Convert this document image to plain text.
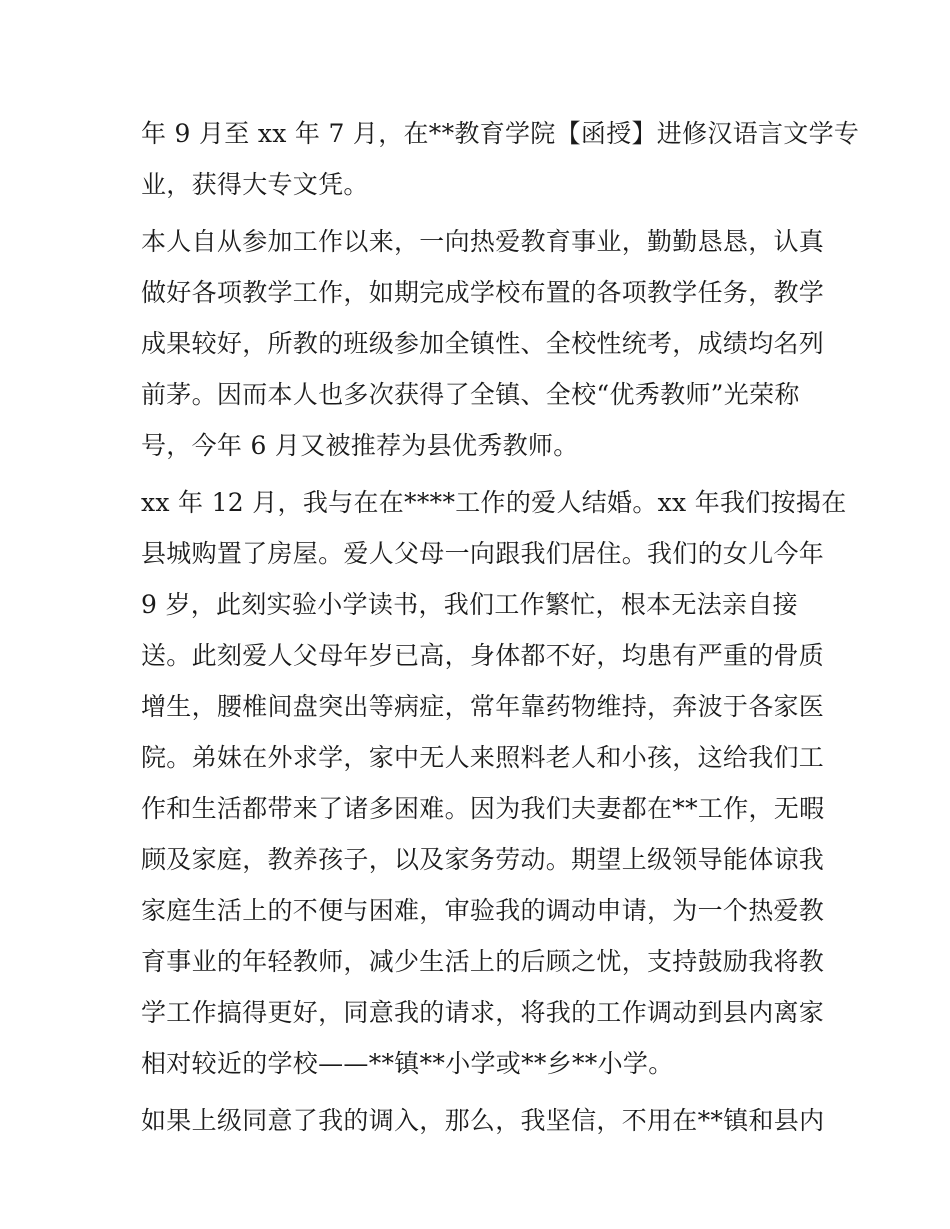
年 9 月至 xx 年 7 月，在**教育学院【函授】进修汉语言文学专
业，获得大专文凭。
本人自从参加工作以来，一向热爱教育事业，勤勤恳恳，认真
做好各项教学工作，如期完成学校布置的各项教学任务，教学
成果较好，所教的班级参加全镇性、全校性统考，成绩均名列
前茅。因而本人也多次获得了全镇、全校“优秀教师”光荣称
号，今年 6 月又被推荐为县优秀教师。
xx 年 12 月，我与在在****工作的爱人结婚。xx 年我们按揭在
县城购置了房屋。爱人父母一向跟我们居住。我们的女儿今年
9 岁，此刻实验小学读书，我们工作繁忙，根本无法亲自接
送。此刻爱人父母年岁已高，身体都不好，均患有严重的骨质
增生，腰椎间盘突出等病症，常年靠药物维持，奔波于各家医
院。弟妹在外求学，家中无人来照料老人和小孩，这给我们工
作和生活都带来了诸多困难。因为我们夫妻都在**工作，无暇
顾及家庭，教养孩子，以及家务劳动。期望上级领导能体谅我
家庭生活上的不便与困难，审验我的调动申请，为一个热爱教
育事业的年轻教师，减少生活上的后顾之忧，支持鼓励我将教
学工作搞得更好，同意我的请求，将我的工作调动到县内离家
相对较近的学校——**镇**小学或**乡**小学。
如果上级同意了我的调入，那么，我坚信，不用在**镇和县内
